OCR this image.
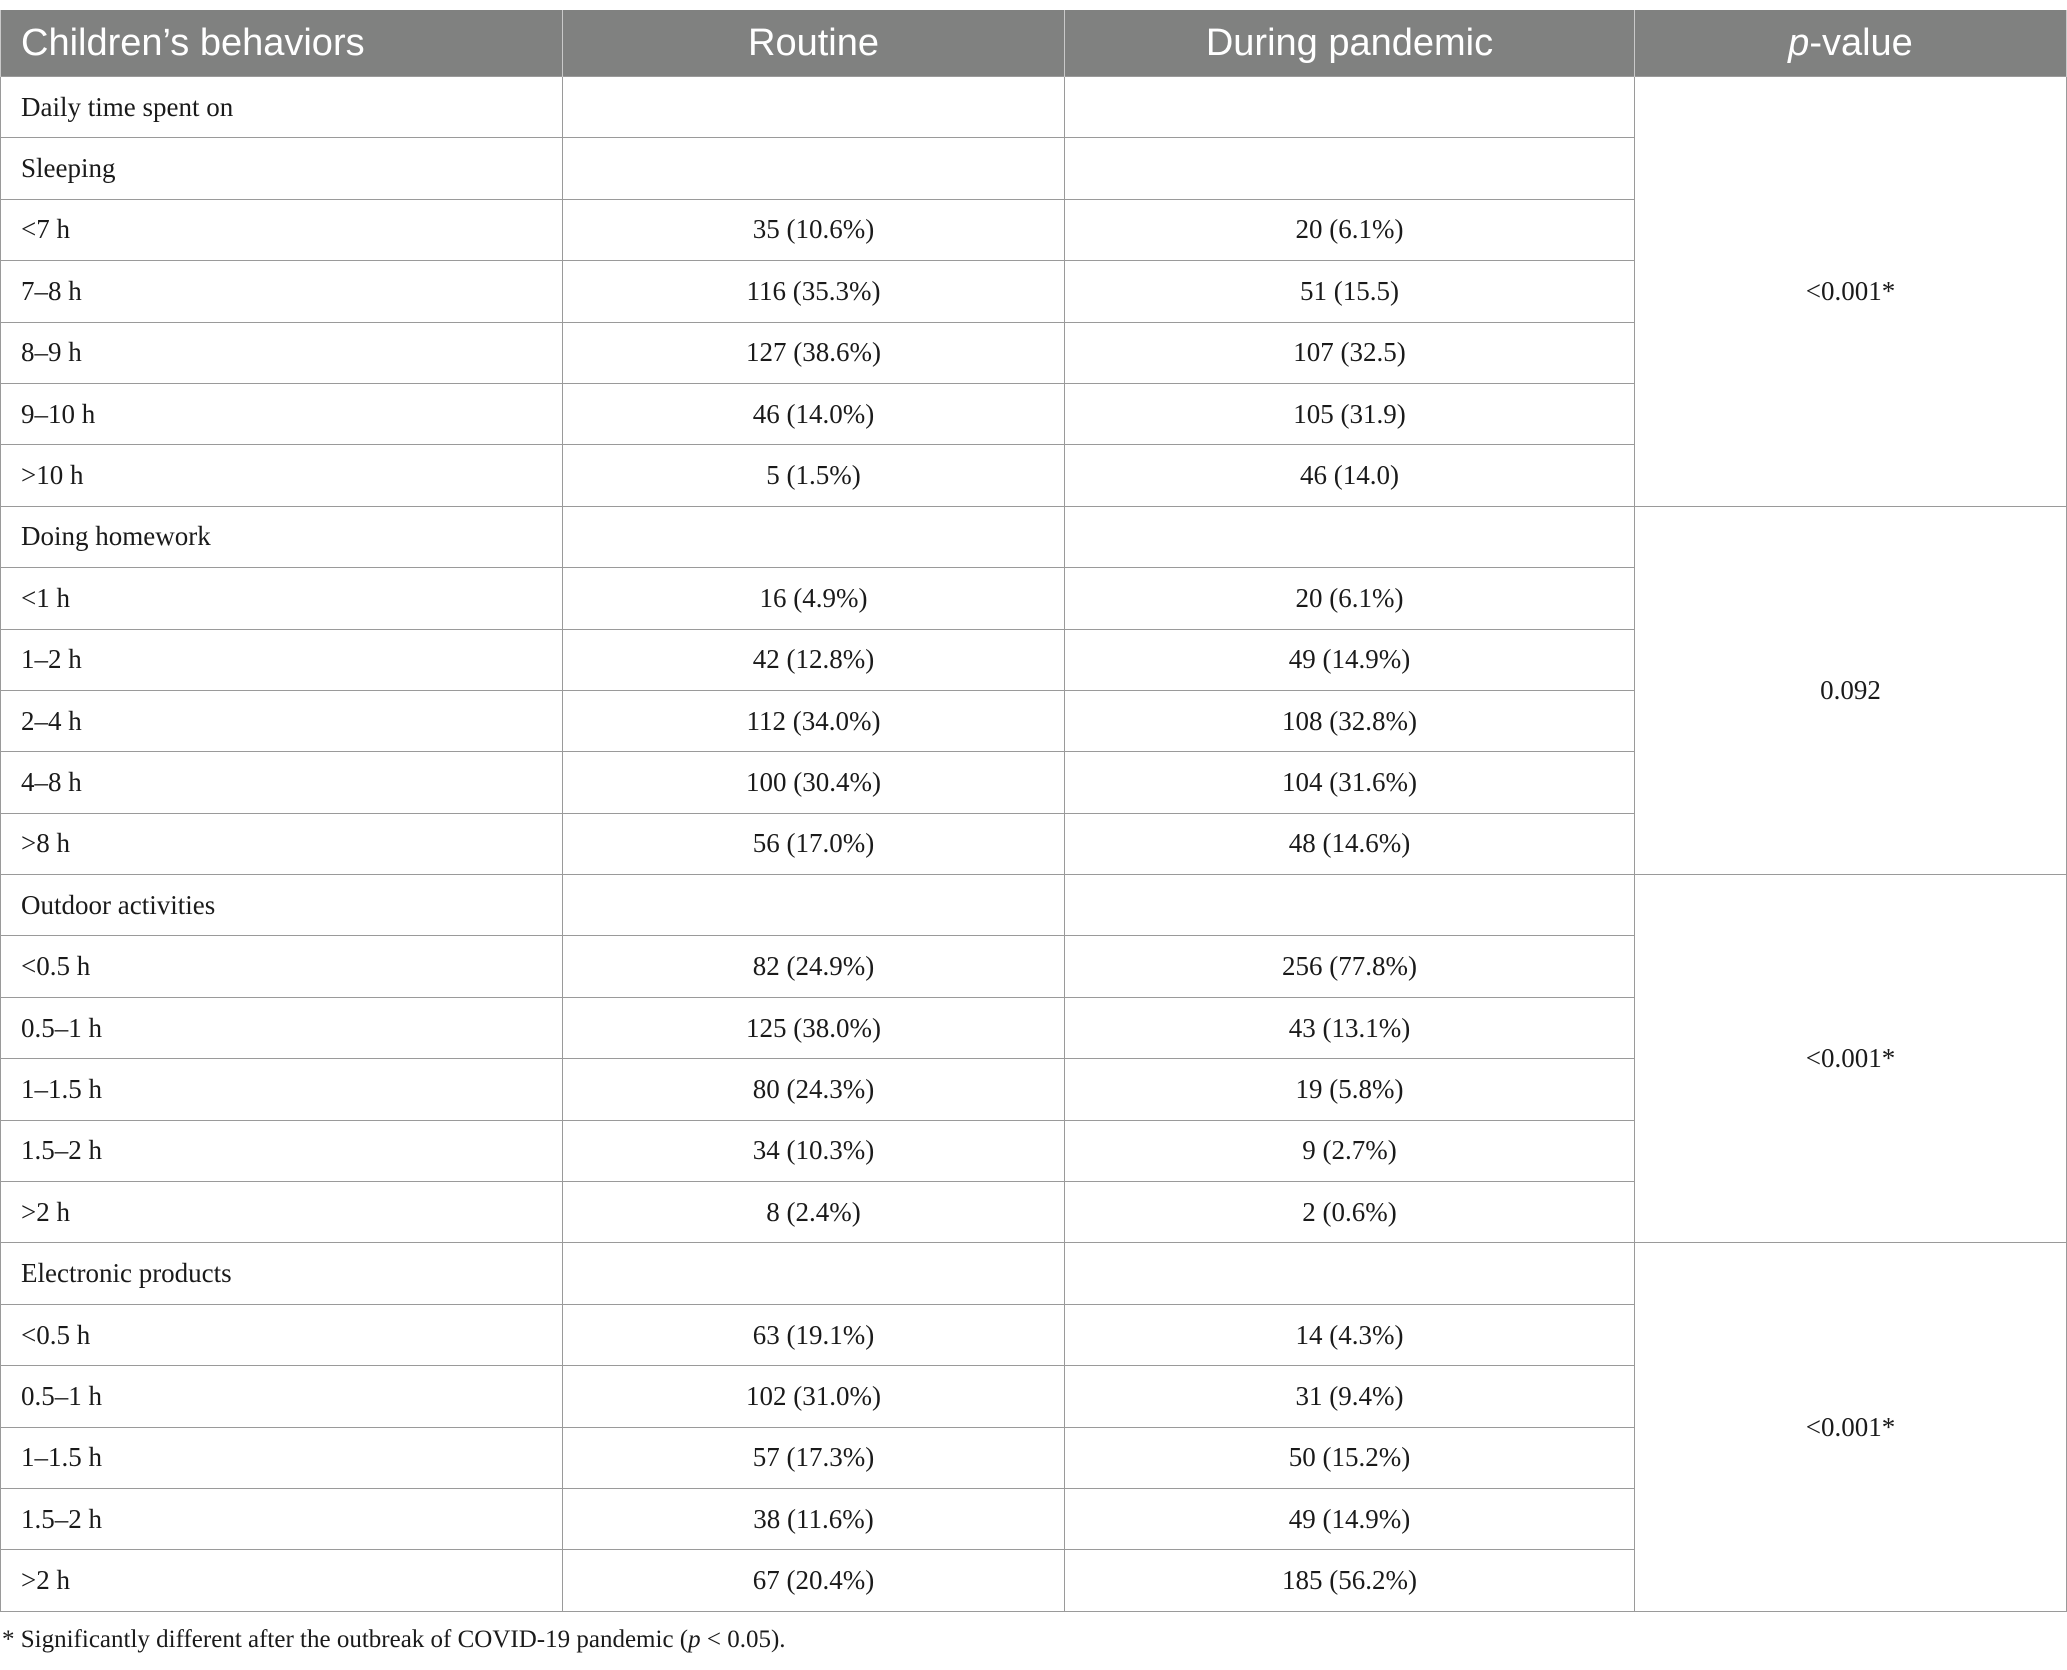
Children’s behaviors	Routine	During pandemic	p-value
Daily time spent on			<0.001*
Sleeping			
<7 h	35 (10.6%)	20 (6.1%)	
7–8 h	116 (35.3%)	51 (15.5)	
8–9 h	127 (38.6%)	107 (32.5)	
9–10 h	46 (14.0%)	105 (31.9)	
>10 h	5 (1.5%)	46 (14.0)	
Doing homework			0.092
<1 h	16 (4.9%)	20 (6.1%)	
1–2 h	42 (12.8%)	49 (14.9%)	
2–4 h	112 (34.0%)	108 (32.8%)	
4–8 h	100 (30.4%)	104 (31.6%)	
>8 h	56 (17.0%)	48 (14.6%)	
Outdoor activities			<0.001*
<0.5 h	82 (24.9%)	256 (77.8%)	
0.5–1 h	125 (38.0%)	43 (13.1%)	
1–1.5 h	80 (24.3%)	19 (5.8%)	
1.5–2 h	34 (10.3%)	9 (2.7%)	
>2 h	8 (2.4%)	2 (0.6%)	
Electronic products			<0.001*
<0.5 h	63 (19.1%)	14 (4.3%)	
0.5–1 h	102 (31.0%)	31 (9.4%)	
1–1.5 h	57 (17.3%)	50 (15.2%)	
1.5–2 h	38 (11.6%)	49 (14.9%)	
>2 h	67 (20.4%)	185 (56.2%)	
* Significantly different after the outbreak of COVID-19 pandemic (p < 0.05).
